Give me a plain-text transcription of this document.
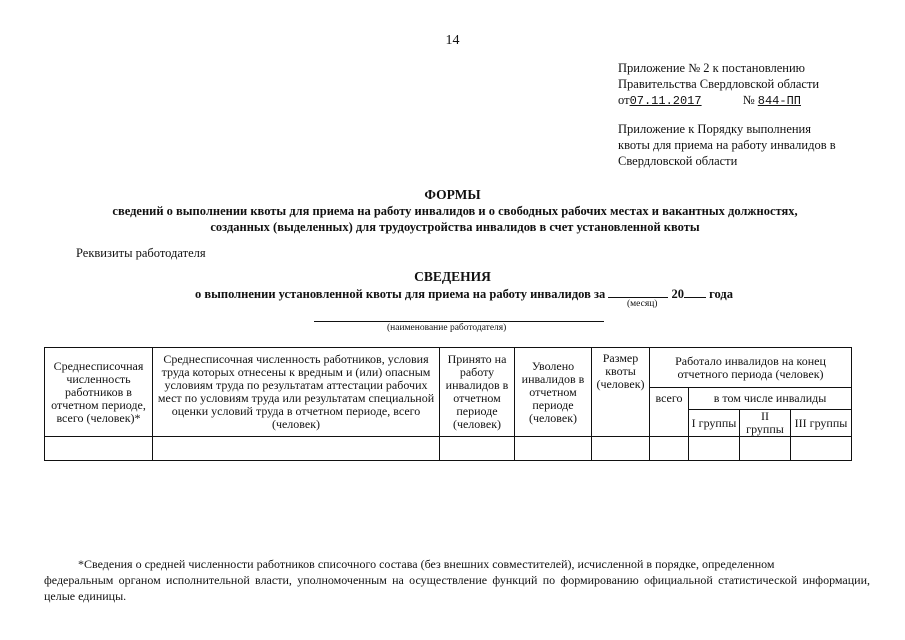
14
Приложение № 2 к постановлению
Правительства Свердловской области
от07.11.2017	№ 844-ПП
Приложение к Порядку выполнения
квоты для приема на работу инвалидов в
Свердловской области
ФОРМЫ
сведений о выполнении квоты для приема на работу инвалидов и о свободных рабочих местах и вакантных должностях,
созданных (выделенных) для трудоустройства инвалидов в счет установленной квоты
Реквизиты работодателя
СВЕДЕНИЯ
о выполнении установленной квоты для приема на работу инвалидов за	20 года
(месяц)
(наименование работодателя)
Среднесписочная численность работников в отчетном периоде, всего (человек)*	Среднесписочная численность работников, условия труда которых отнесены к вредным и (или) опасным условиям труда по результатам аттестации рабочих мест по условиям труда или результатам специальной оценки условий труда в отчетном периоде, всего (человек)	Принято на работу инвалидов в отчетном периоде (человек)	Уволено инвалидов в отчетном периоде (человек)	Размер квоты (человек)	Работало инвалидов на конец отчетного периода (человек)			
					всего	в том числе инвалиды		
						I группы	II группы	III группы

*Сведения о средней численности работников списочного состава (без внешних совместителей), исчисленной в порядке, определенном
федеральным органом исполнительной власти, уполномоченным на осуществление функций по формированию официальной статистической информации, целые единицы.
